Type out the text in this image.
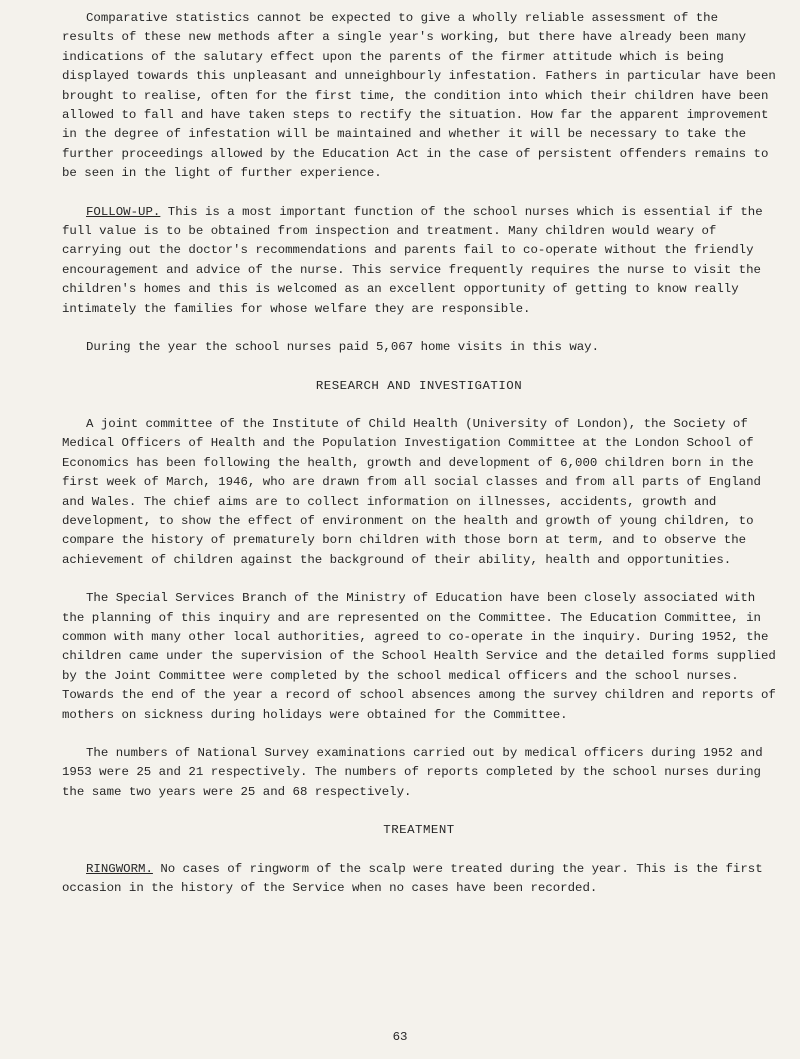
Comparative statistics cannot be expected to give a wholly reliable assessment of the results of these new methods after a single year's working, but there have already been many indications of the salutary effect upon the parents of the firmer attitude which is being displayed towards this unpleasant and unneighbourly infestation. Fathers in particular have been brought to realise, often for the first time, the condition into which their children have been allowed to fall and have taken steps to rectify the situation. How far the apparent improvement in the degree of infestation will be maintained and whether it will be necessary to take the further proceedings allowed by the Education Act in the case of persistent offenders remains to be seen in the light of further experience.

FOLLOW-UP. This is a most important function of the school nurses which is essential if the full value is to be obtained from inspection and treatment. Many children would weary of carrying out the doctor's recommendations and parents fail to co-operate without the friendly encouragement and advice of the nurse. This service frequently requires the nurse to visit the children's homes and this is welcomed as an excellent opportunity of getting to know really intimately the families for whose welfare they are responsible.

During the year the school nurses paid 5,067 home visits in this way.

RESEARCH AND INVESTIGATION

A joint committee of the Institute of Child Health (University of London), the Society of Medical Officers of Health and the Population Investigation Committee at the London School of Economics has been following the health, growth and development of 6,000 children born in the first week of March, 1946, who are drawn from all social classes and from all parts of England and Wales. The chief aims are to collect information on illnesses, accidents, growth and development, to show the effect of environment on the health and growth of young children, to compare the history of prematurely born children with those born at term, and to observe the achievement of children against the background of their ability, health and opportunities.

The Special Services Branch of the Ministry of Education have been closely associated with the planning of this inquiry and are represented on the Committee. The Education Committee, in common with many other local authorities, agreed to co-operate in the inquiry. During 1952, the children came under the supervision of the School Health Service and the detailed forms supplied by the Joint Committee were completed by the school medical officers and the school nurses. Towards the end of the year a record of school absences among the survey children and reports of mothers on sickness during holidays were obtained for the Committee.

The numbers of National Survey examinations carried out by medical officers during 1952 and 1953 were 25 and 21 respectively. The numbers of reports completed by the school nurses during the same two years were 25 and 68 respectively.

TREATMENT

RINGWORM. No cases of ringworm of the scalp were treated during the year. This is the first occasion in the history of the Service when no cases have been recorded.

63
